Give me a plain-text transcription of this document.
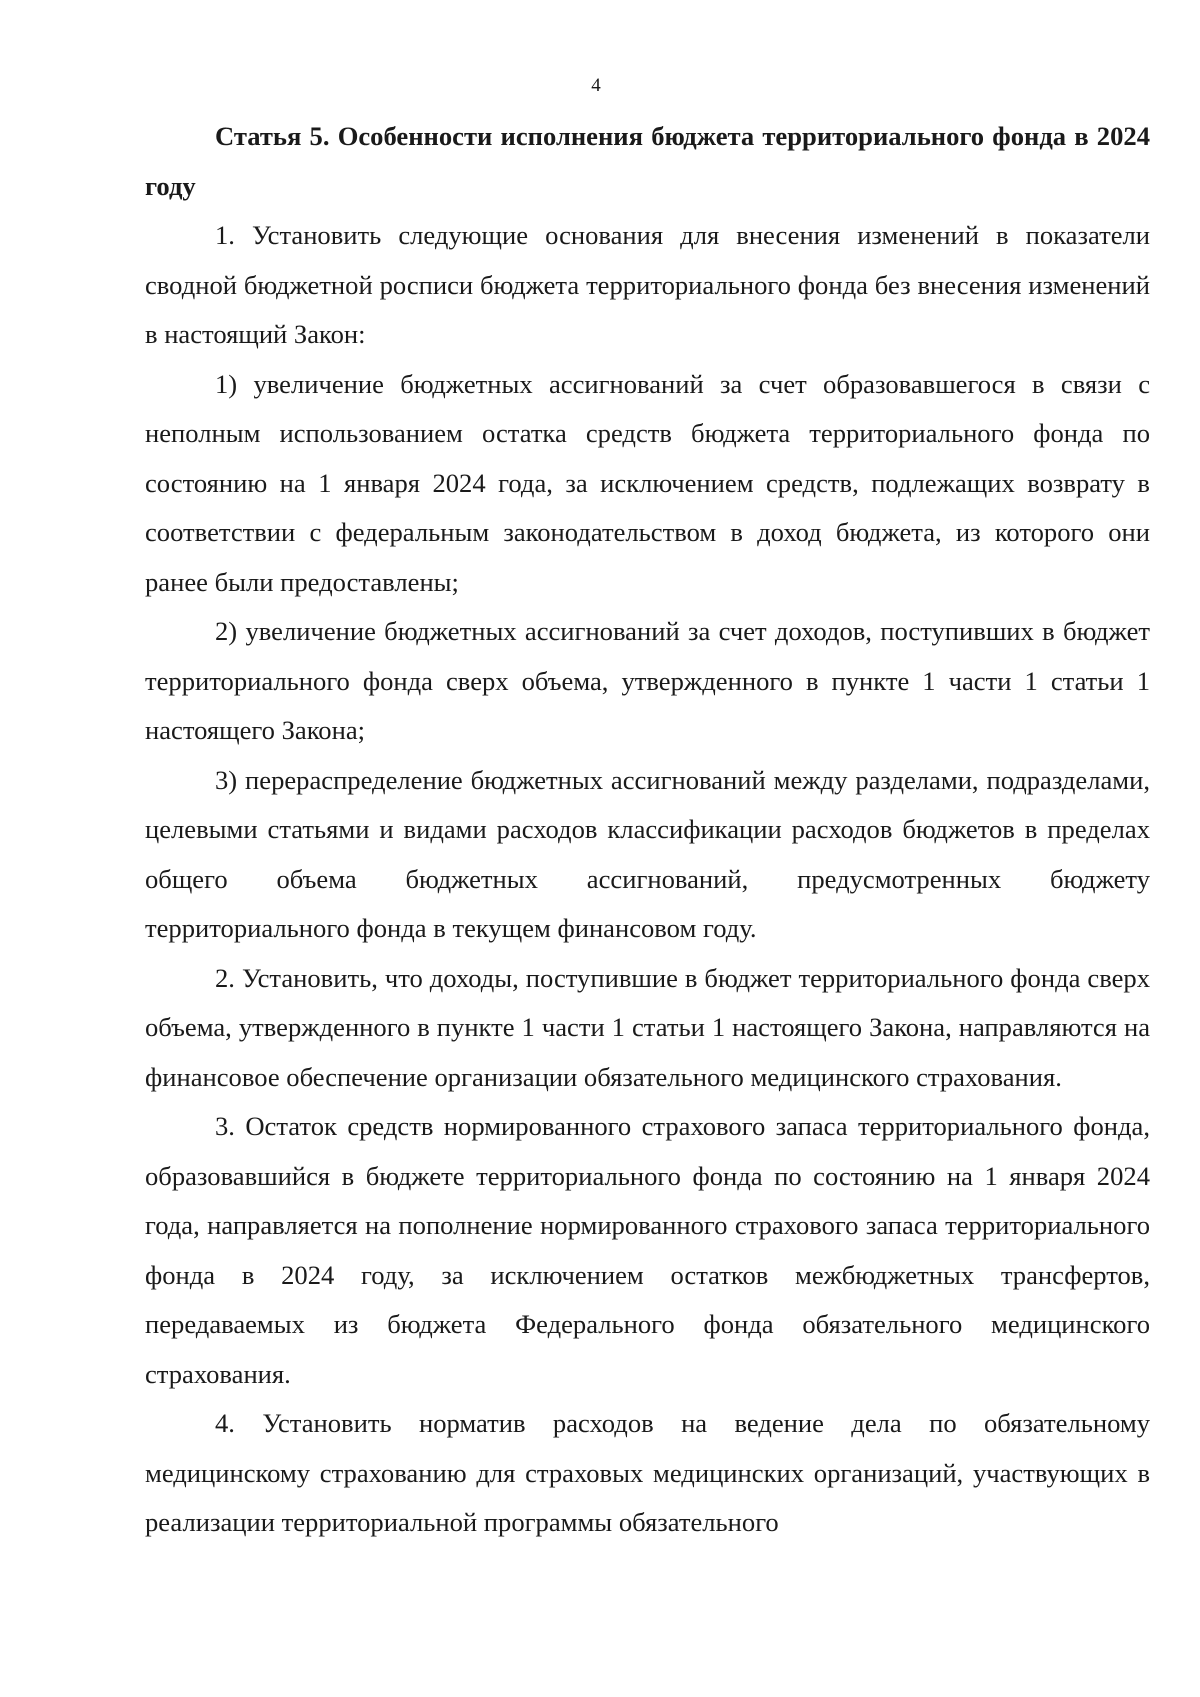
4

Статья 5. Особенности исполнения бюджета территориального фонда в 2024 году

1. Установить следующие основания для внесения изменений в показатели сводной бюджетной росписи бюджета территориального фонда без внесения изменений в настоящий Закон:

1) увеличение бюджетных ассигнований за счет образовавшегося в связи с неполным использованием остатка средств бюджета территориального фонда по состоянию на 1 января 2024 года, за исключением средств, подлежащих возврату в соответствии с федеральным законодательством в доход бюджета, из которого они ранее были предоставлены;

2) увеличение бюджетных ассигнований за счет доходов, поступивших в бюджет территориального фонда сверх объема, утвержденного в пункте 1 части 1 статьи 1 настоящего Закона;

3) перераспределение бюджетных ассигнований между разделами, подразделами, целевыми статьями и видами расходов классификации расходов бюджетов в пределах общего объема бюджетных ассигнований, предусмотренных бюджету территориального фонда в текущем финансовом году.

2. Установить, что доходы, поступившие в бюджет территориального фонда сверх объема, утвержденного в пункте 1 части 1 статьи 1 настоящего Закона, направляются на финансовое обеспечение организации обязательного медицинского страхования.

3. Остаток средств нормированного страхового запаса территориального фонда, образовавшийся в бюджете территориального фонда по состоянию на 1 января 2024 года, направляется на пополнение нормированного страхового запаса территориального фонда в 2024 году, за исключением остатков межбюджетных трансфертов, передаваемых из бюджета Федерального фонда обязательного медицинского страхования.

4. Установить норматив расходов на ведение дела по обязательному медицинскому страхованию для страховых медицинских организаций, участвующих в реализации территориальной программы обязательного
